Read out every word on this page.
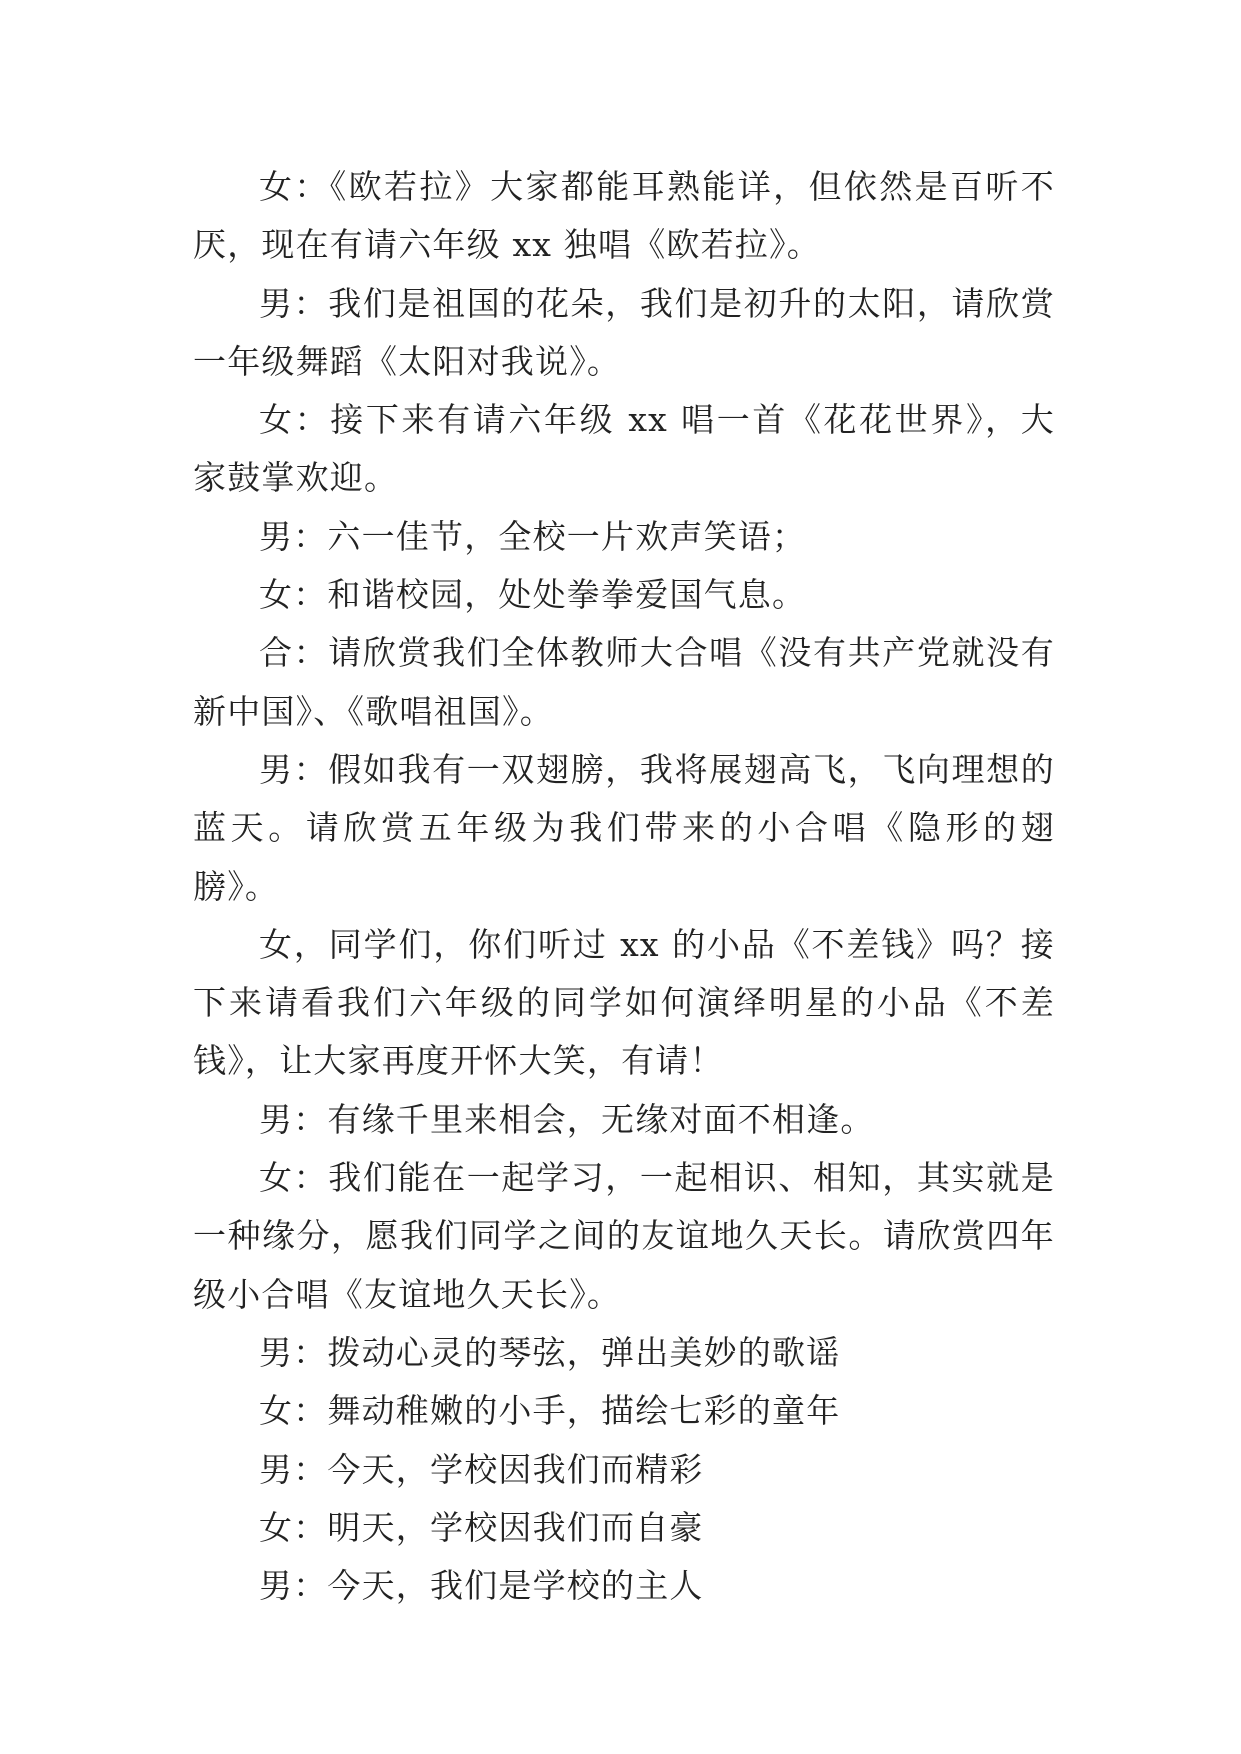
女：《欧若拉》大家都能耳熟能详，但依然是百听不厌，现在有请六年级 xx 独唱《欧若拉》。

男：我们是祖国的花朵，我们是初升的太阳，请欣赏一年级舞蹈《太阳对我说》。

女：接下来有请六年级 xx 唱一首《花花世界》，大家鼓掌欢迎。

男：六一佳节，全校一片欢声笑语；

女：和谐校园，处处拳拳爱国气息。

合：请欣赏我们全体教师大合唱《没有共产党就没有新中国》、《歌唱祖国》。

男：假如我有一双翅膀，我将展翅高飞，飞向理想的蓝天。请欣赏五年级为我们带来的小合唱《隐形的翅膀》。

女，同学们，你们听过 xx 的小品《不差钱》吗？接下来请看我们六年级的同学如何演绎明星的小品《不差钱》，让大家再度开怀大笑，有请！

男：有缘千里来相会，无缘对面不相逢。

女：我们能在一起学习，一起相识、相知，其实就是一种缘分，愿我们同学之间的友谊地久天长。请欣赏四年级小合唱《友谊地久天长》。

男：拨动心灵的琴弦，弹出美妙的歌谣

女：舞动稚嫩的小手，描绘七彩的童年

男：今天，学校因我们而精彩

女：明天，学校因我们而自豪

男：今天，我们是学校的主人
